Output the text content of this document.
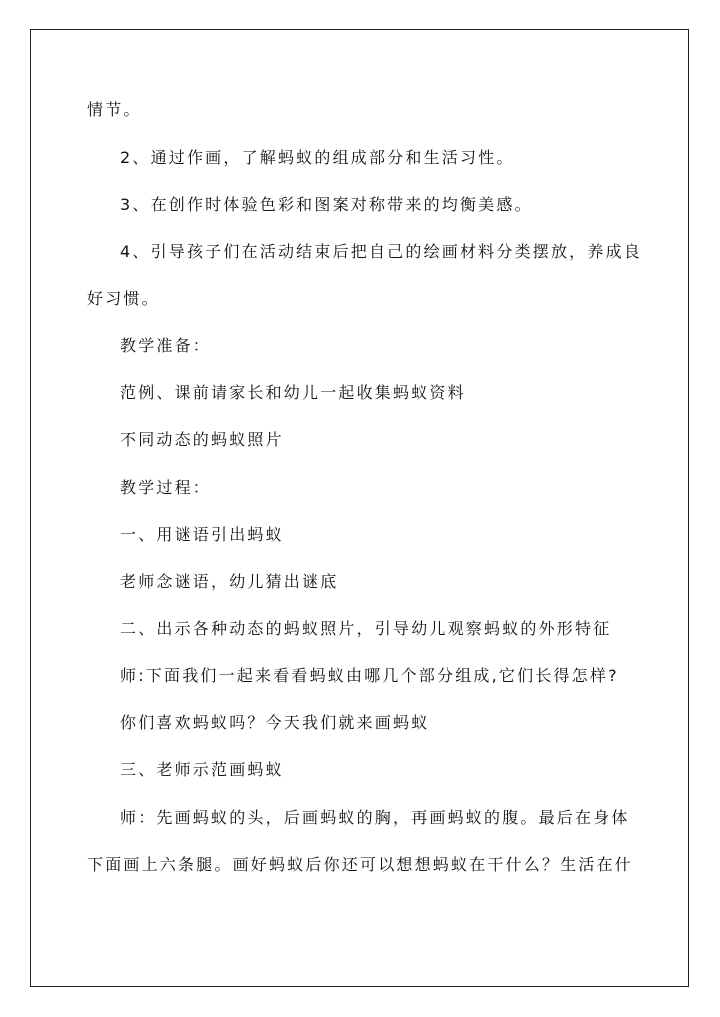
情节。
2、通过作画，了解蚂蚁的组成部分和生活习性。
3、在创作时体验色彩和图案对称带来的均衡美感。
4、引导孩子们在活动结束后把自己的绘画材料分类摆放，养成良
好习惯。
教学准备：
范例、课前请家长和幼儿一起收集蚂蚁资料
不同动态的蚂蚁照片
教学过程：
一、用谜语引出蚂蚁
老师念谜语，幼儿猜出谜底
二、出示各种动态的蚂蚁照片，引导幼儿观察蚂蚁的外形特征
师:下面我们一起来看看蚂蚁由哪几个部分组成,它们长得怎样?
你们喜欢蚂蚁吗？今天我们就来画蚂蚁
三、老师示范画蚂蚁
师：先画蚂蚁的头，后画蚂蚁的胸，再画蚂蚁的腹。最后在身体
下面画上六条腿。画好蚂蚁后你还可以想想蚂蚁在干什么？生活在什
